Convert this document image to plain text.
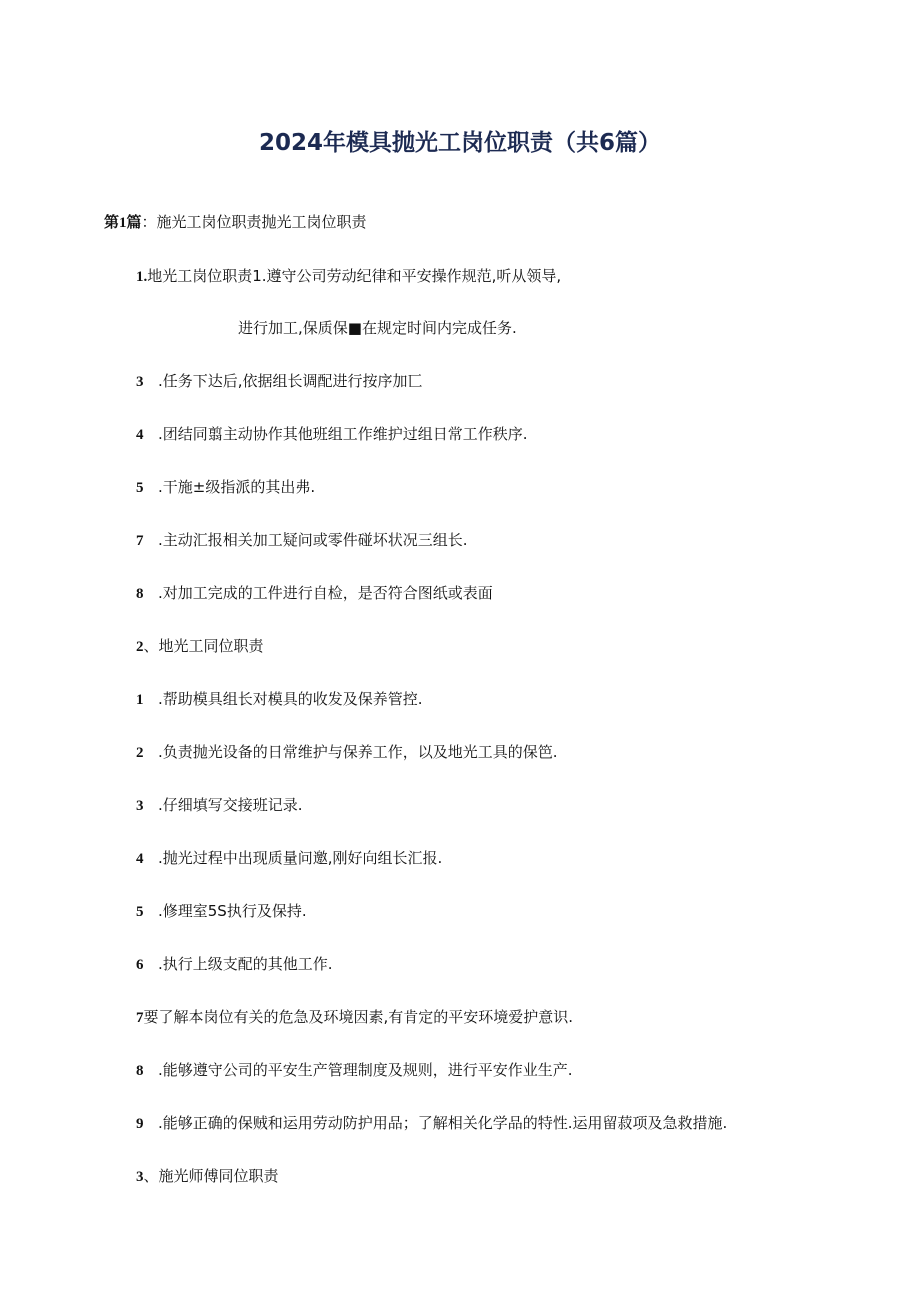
2024年模具抛光工岗位职责（共6篇）
第1篇：施光工岗位职责抛光工岗位职责
1.地光工岗位职责1.遵守公司劳动纪律和平安操作规范,听从领导,
进行加工,保质保■在规定时间内完成任务.
3 .任务下达后,依据组长调配进行按序加匸
4 .团结同翦主动协作其他班组工作维护过组日常工作秩序.
5 .干施±级指派的其出弗.
7 .主动汇报相关加工疑问或零件碰坏状况三组长.
8 .对加工完成的工件进行自检，是否符合图纸或表面
2、地光工同位职责
1 .帮助模具组长对模具的收发及保养管控.
2 .负责抛光设备的日常维护与保养工作，以及地光工具的保笆.
3 .仔细填写交接班记录.
4 .抛光过程中出现质量问邀,刚好向组长汇报.
5 .修理室5S执行及保持.
6 .执行上级支配的其他工作.
7要了解本岗位有关的危急及环境因素,有肯定的平安环境爱护意识.
8 .能够遵守公司的平安生产管理制度及规则，进行平安作业生产.
9 .能够正确的保贼和运用劳动防护用品；了解相关化学品的特性.运用留菽项及急救措施.
3、施光师傅同位职责
